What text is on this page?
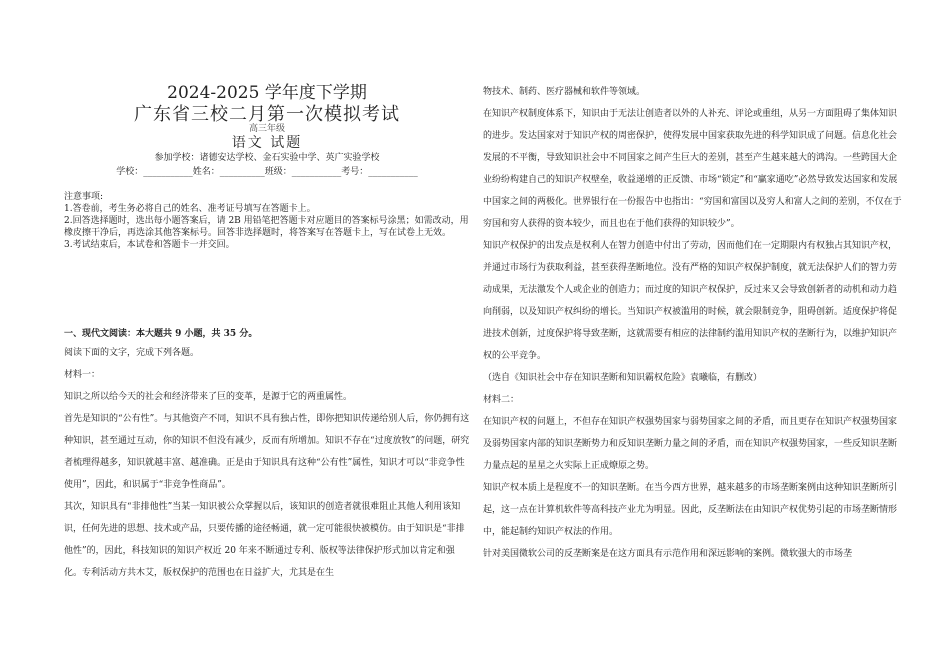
2024-2025 学年度下学期
广东省三校二月第一次模拟考试
高三年级
语文 试题
参加学校：诸德安达学校、金石实验中学、英广实验学校
学校：___________姓名：__________班级：___________考号：___________

注意事项:

1.答卷前，考生务必将自己的姓名、准考证号填写在答题卡上。

2.回答选择题时，选出每小题答案后，请 2B 用铅笔把答题卡对应题目的答案标号涂黑；如需改动，用橡皮擦干净后，再选涂其他答案标号。回答非选择题时，将答案写在答题卡上，写在试卷上无效。

3.考试结束后，本试卷和答题卡一并交回。

一、现代文阅读：本大题共 9 小题，共 35 分。

阅读下面的文字，完成下列各题。

材料一：

知识之所以给今天的社会和经济带来了巨的变革，是源于它的两重属性。

首先是知识的“公有性”。与其他资产不同，知识不具有独占性，即你把知识传递给别人后，你仍拥有这种知识，甚至通过互动，你的知识不但没有减少，反而有所增加。知识不存在“过度放牧”的问题，研究者梳理得越多，知识就越丰富、越准确。正是由于知识具有这种“公有性”属性，知识才可以“非竞争性使用”，因此，和识属于“非竞争性商品”。

其次，知识具有“非排他性”当某一知识被公众掌握以后，该知识的创造者就很难阻止其他人利用该知识，任何先进的思想、技术或产品，只要传播的途径畅通，就一定可能很快被模仿。由于知识是“非排他性”的，因此，科技知识的知识产权近 20 年来不断通过专利、版权等法律保护形式加以肯定和强化。专利活动方共木艾，版权保护的范围也在日益扩大，尤其是在生

物技术、制药、医疗器械和软件等领域。

在知识产权制度体系下，知识由于无法让创造者以外的人补充、评论或重组，从另一方面阻碍了集体知识的进步。发达国家对于知识产权的周密保护，使得发展中国家获取先进的科学知识成了问题。信息化社会发展的不平衡，导致知识社会中不同国家之间产生巨大的差别，甚至产生越来越大的鸿沟。一些跨国大企业纷纷构建自己的知识产权壁垒，收益递增的正反馈、市场“锁定”和“赢家通吃”必然导致发达国家和发展中国家之间的两极化。世界银行在一份报告中也指出：“穷国和富国以及穷人和富人之间的差别，不仅在于穷国和穷人获得的资本较少，而且也在于他们获得的知识较少”。

知识产权保护的出发点是权利人在智力创造中付出了劳动，因而他们在一定期限内有权独占其知识产权，并通过市场行为获取利益，甚至获得垄断地位。没有严格的知识产权保护制度，就无法保护人们的智力劳动成果，无法激发个人或企业的创造力；而过度的知识产权保护，反过来又会导致创新者的动机和动力趋向削弱，以及知识产权纠纷的增长。当知识产权被滥用的时候，就会限制竞争，阻碍创新。适度保护将促进技术创新，过度保护将导致垄断，这就需要有相应的法律制约滥用知识产权的垄断行为，以维护知识产权的公平竞争。

（选自《知识社会中存在知识垄断和知识霸权危险》袁曦临，有删改）

材料二：

在知识产权的问题上，不但存在知识产权强势国家与弱势国家之间的矛盾，而且更存在知识产权强势国家及弱势国家内部的知识垄断势力和反知识垄断力量之间的矛盾，而在知识产权强势国家，一些反知识垄断力量点起的星星之火实际上正成燎原之势。

知识产权本质上是程度不一的知识垄断。在当今西方世界，越来越多的市场垄断案例由这种知识垄断所引起，这一点在计算机软件等高科技产业尤为明显。因此，反垄断法在由知识产权优势引起的市场垄断情形中，能起制约知识产权法的作用。

针对美国微软公司的反垄断案是在这方面具有示范作用和深远影响的案例。微软强大的市场垄
